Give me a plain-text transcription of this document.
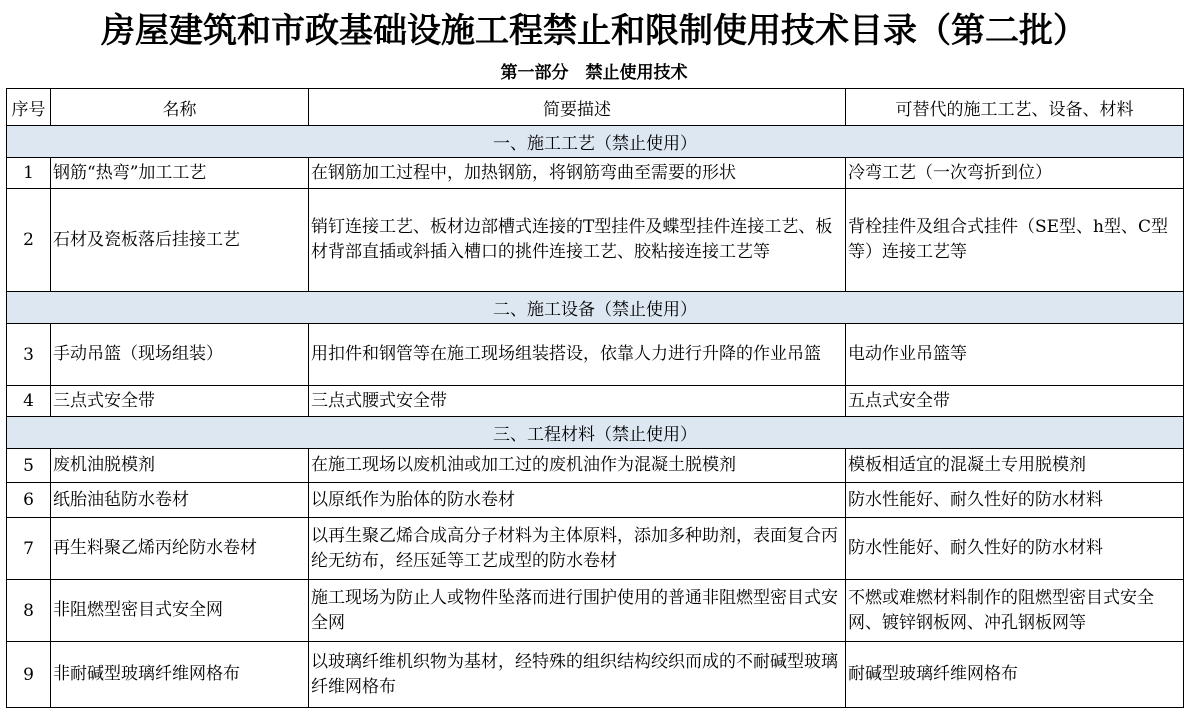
房屋建筑和市政基础设施工程禁止和限制使用技术目录（第二批）
第一部分　禁止使用技术
序号	名称	简要描述	可替代的施工工艺、设备、材料
一、施工工艺（禁止使用）			
1	钢筋“热弯”加工工艺	在钢筋加工过程中，加热钢筋，将钢筋弯曲至需要的形状	冷弯工艺（一次弯折到位）
2	石材及瓷板落后挂接工艺	销钉连接工艺、板材边部槽式连接的T型挂件及蝶型挂件连接工艺、板材背部直插或斜插入槽口的挑件连接工艺、胶粘接连接工艺等	背栓挂件及组合式挂件（SE型、h型、C型等）连接工艺等
二、施工设备（禁止使用）			
3	手动吊篮（现场组装）	用扣件和钢管等在施工现场组装搭设，依靠人力进行升降的作业吊篮	电动作业吊篮等
4	三点式安全带	三点式腰式安全带	五点式安全带
三、工程材料（禁止使用）			
5	废机油脱模剂	在施工现场以废机油或加工过的废机油作为混凝土脱模剂	模板相适宜的混凝土专用脱模剂
6	纸胎油毡防水卷材	以原纸作为胎体的防水卷材	防水性能好、耐久性好的防水材料
7	再生料聚乙烯丙纶防水卷材	以再生聚乙烯合成高分子材料为主体原料，添加多种助剂，表面复合丙纶无纺布，经压延等工艺成型的防水卷材	防水性能好、耐久性好的防水材料
8	非阻燃型密目式安全网	施工现场为防止人或物件坠落而进行围护使用的普通非阻燃型密目式安全网	不燃或难燃材料制作的阻燃型密目式安全网、镀锌钢板网、冲孔钢板网等
9	非耐碱型玻璃纤维网格布	以玻璃纤维机织物为基材，经特殊的组织结构绞织而成的不耐碱型玻璃纤维网格布	耐碱型玻璃纤维网格布
